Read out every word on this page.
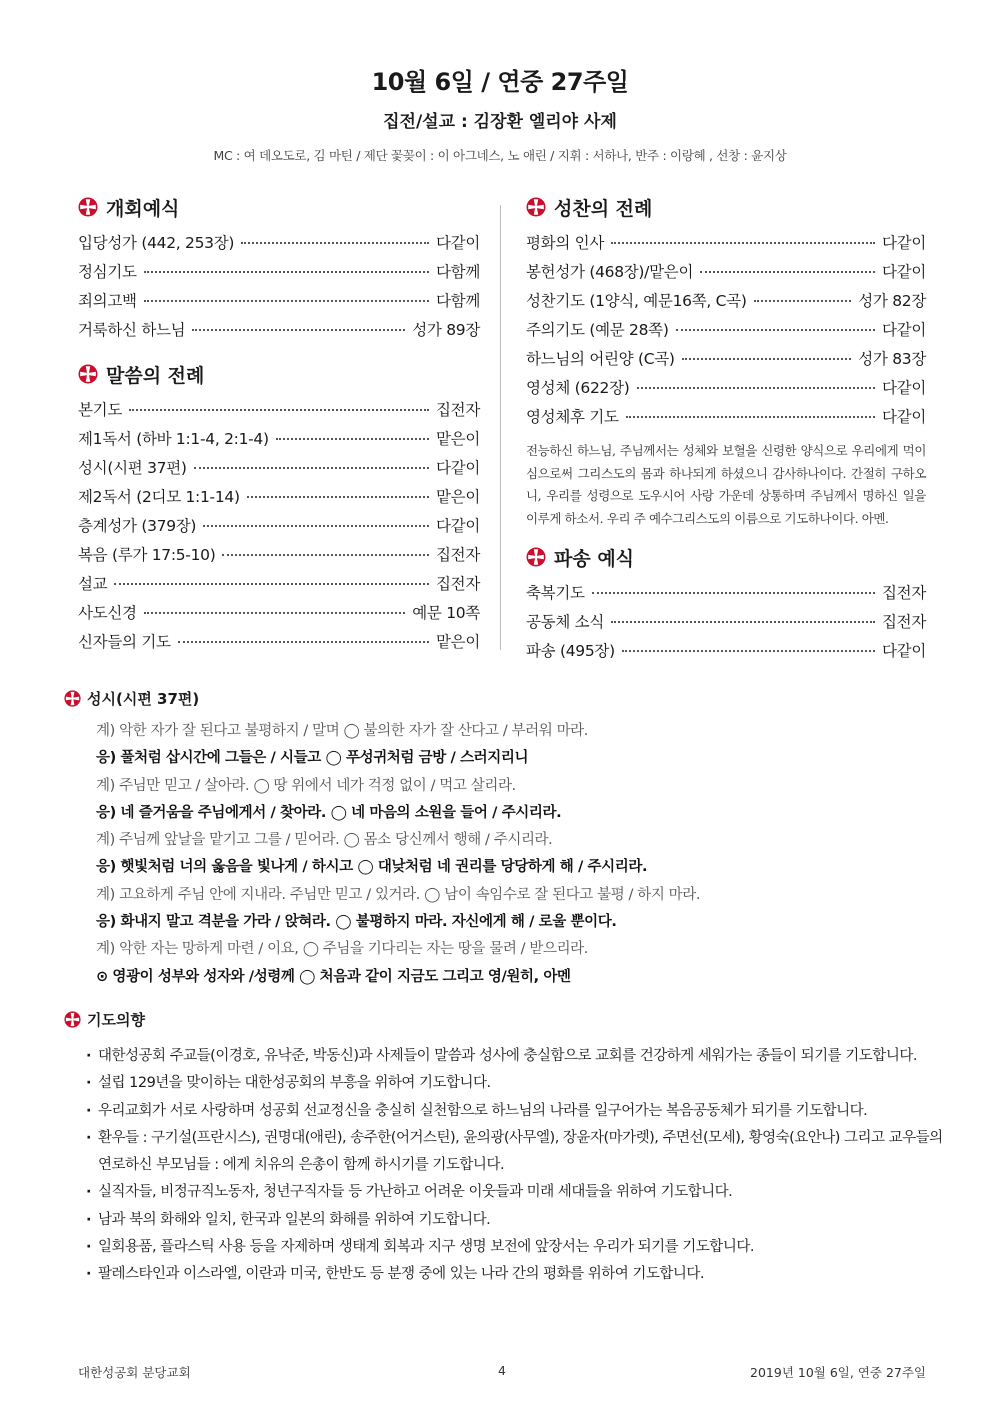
10월 6일 / 연중 27주일
집전/설교 : 김장환 엘리야 사제
MC : 여 데오도로, 김 마틴 / 제단 꽃꽂이 : 이 아그네스, 노 애린 / 지휘 : 서하나, 반주 : 이랑혜 , 선창 : 윤지상
개회예식
입당성가 (442, 253장)	다같이
정심기도	다함께
죄의고백	다함께
거룩하신 하느님	성가 89장
말씀의 전례
본기도	집전자
제1독서 (하바 1:1-4, 2:1-4)	맡은이
성시(시편 37편)	다같이
제2독서 (2디모 1:1-14)	맡은이
층계성가 (379장)	다같이
복음 (루가 17:5-10)	집전자
설교	집전자
사도신경	예문 10쪽
신자들의 기도	맡은이
성찬의 전례
평화의 인사	다같이
봉헌성가 (468장)/맡은이	다같이
성찬기도 (1양식, 예문16쪽, C곡)	성가 82장
주의기도 (예문 28쪽)	다같이
하느님의 어린양 (C곡)	성가 83장
영성체 (622장)	다같이
영성체후 기도	다같이

전능하신 하느님, 주님께서는 성체와 보혈을 신령한 양식으로 우리에게 먹이심으로써 그리스도의 몸과 하나되게 하셨으니 감사하나이다. 간절히 구하오니, 우리를 성령으로 도우시어 사랑 가운데 상통하며 주님께서 명하신 일을 이루게 하소서. 우리 주 예수그리스도의 이름으로 기도하나이다. 아멘.

파송 예식
축복기도	집전자
공동체 소식	집전자
파송 (495장)	다같이
성시(시편 37편)
계) 악한 자가 잘 된다고 불평하지 / 말며 ◯ 불의한 자가 잘 산다고 / 부러워 마라.
응) 풀처럼 삽시간에 그들은 / 시들고 ◯ 푸성귀처럼 금방 / 스러지리니
계) 주님만 믿고 / 살아라. ◯ 땅 위에서 네가 걱정 없이 / 먹고 살리라.
응) 네 즐거움을 주님에게서 / 찾아라. ◯ 네 마음의 소원을 들어 / 주시리라.
계) 주님께 앞날을 맡기고 그를 / 믿어라. ◯ 몸소 당신께서 행해 / 주시리라.
응) 햇빛처럼 너의 옳음을 빛나게 / 하시고 ◯ 대낮처럼 네 권리를 당당하게 해 / 주시리라.
계) 고요하게 주님 안에 지내라. 주님만 믿고 / 있거라. ◯ 남이 속임수로 잘 된다고 불평 / 하지 마라.
응) 화내지 말고 격분을 가라 / 앉혀라. ◯ 불평하지 마라. 자신에게 해 / 로울 뿐이다.
계) 악한 자는 망하게 마련 / 이요, ◯ 주님을 기다리는 자는 땅을 물려 / 받으리라.
⊙ 영광이 성부와 성자와 /성령께 ◯ 처음과 같이 지금도 그리고 영/원히, 아멘
기도의향
· 대한성공회 주교들(이경호, 유낙준, 박동신)과 사제들이 말씀과 성사에 충실함으로 교회를 건강하게 세워가는 종들이 되기를 기도합니다.
· 설립 129년을 맞이하는 대한성공회의 부흥을 위하여 기도합니다.
· 우리교회가 서로 사랑하며 성공회 선교정신을 충실히 실천함으로 하느님의 나라를 일구어가는 복음공동체가 되기를 기도합니다.
· 환우들 : 구기설(프란시스), 권명대(애린), 송주한(어거스틴), 윤의광(사무엘), 장윤자(마가렛), 주면선(모세), 황영숙(요안나) 그리고 교우들의 연로하신 부모님들 : 에게 치유의 은총이 함께 하시기를 기도합니다.
· 실직자들, 비정규직노동자, 청년구직자들 등 가난하고 어려운 이웃들과 미래 세대들을 위하여 기도합니다.
· 남과 북의 화해와 일치, 한국과 일본의 화해를 위하여 기도합니다.
· 일회용품, 플라스틱 사용 등을 자제하며 생태계 회복과 지구 생명 보전에 앞장서는 우리가 되기를 기도합니다.
· 팔레스타인과 이스라엘, 이란과 미국, 한반도 등 분쟁 중에 있는 나라 간의 평화를 위하여 기도합니다.
대한성공회 분당교회	4	2019년 10월 6일, 연중 27주일
